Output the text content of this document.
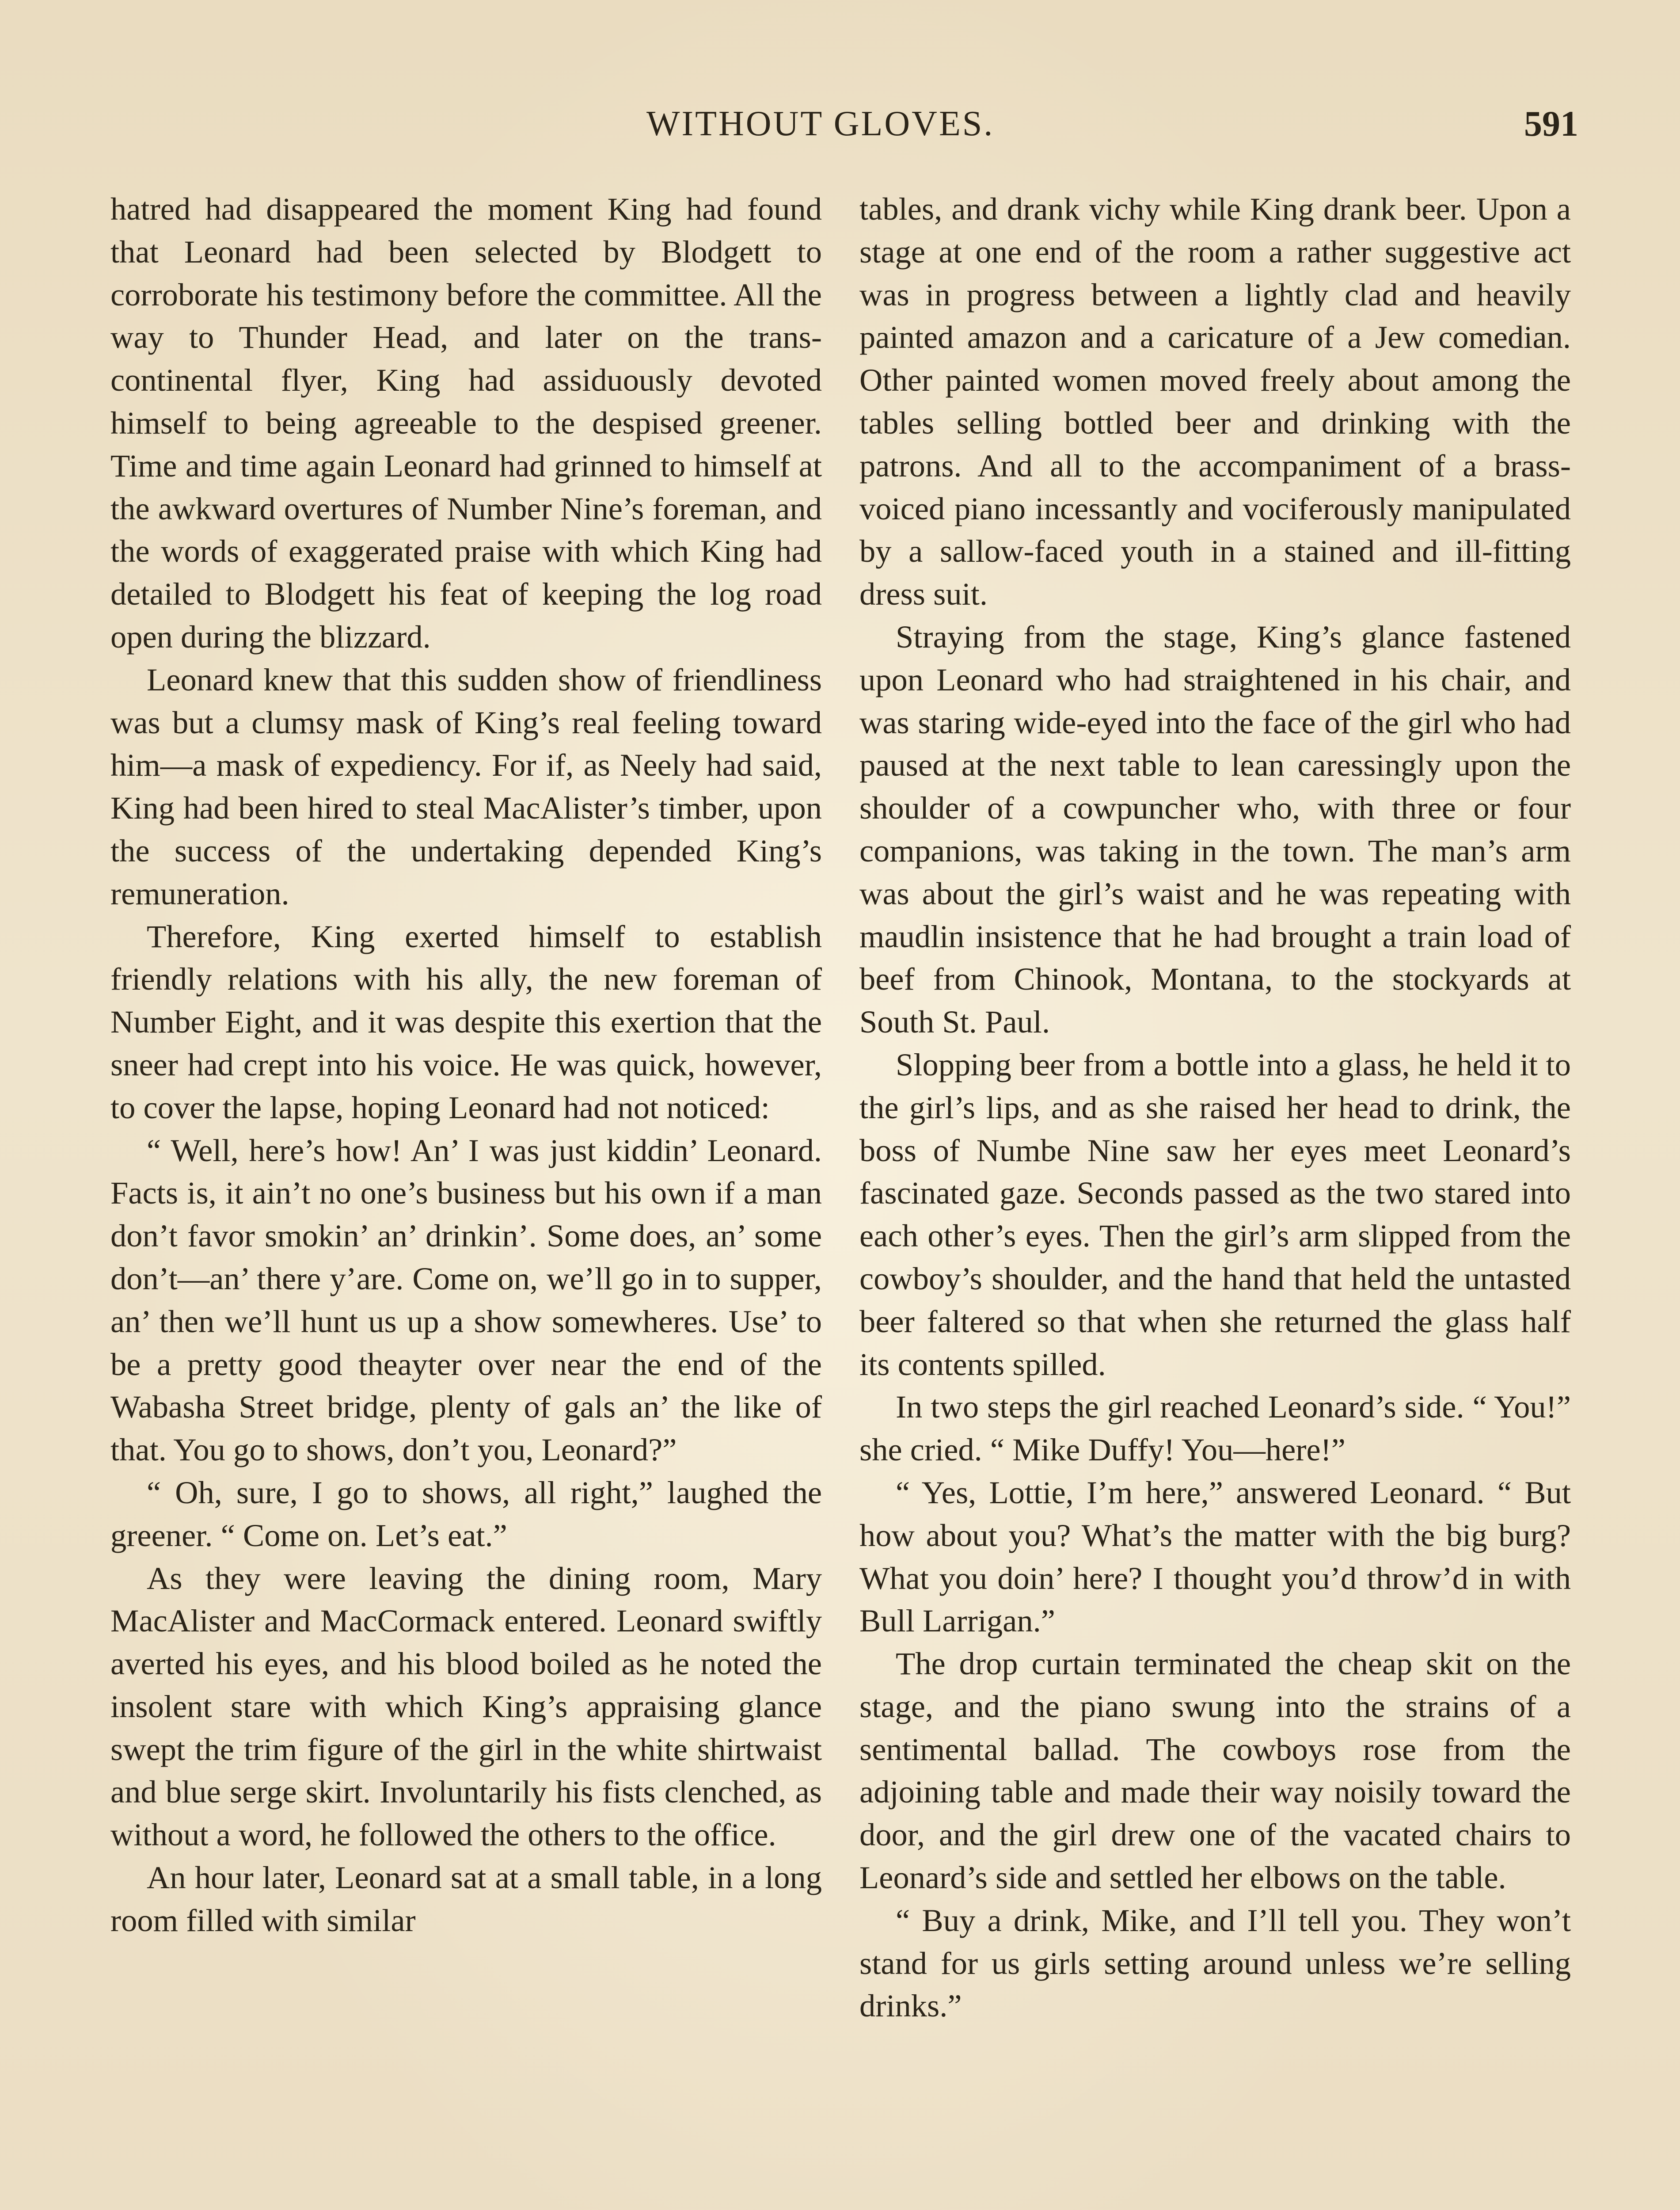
WITHOUT GLOVES.	591

hatred had disappeared the moment King had found that Leonard had been selected by Blodgett to corroborate his testimony before the committee. All the way to Thunder Head, and later on the trans-continental flyer, King had assiduously devoted himself to being agreeable to the despised greener. Time and time again Leonard had grinned to himself at the awkward overtures of Number Nine’s foreman, and the words of exaggerated praise with which King had detailed to Blodgett his feat of keeping the log road open during the blizzard.

Leonard knew that this sudden show of friendliness was but a clumsy mask of King’s real feeling toward him—a mask of expediency. For if, as Neely had said, King had been hired to steal MacAlister’s timber, upon the success of the undertaking depended King’s remuneration.

Therefore, King exerted himself to establish friendly relations with his ally, the new foreman of Number Eight, and it was despite this exertion that the sneer had crept into his voice. He was quick, however, to cover the lapse, hoping Leonard had not noticed:

“ Well, here’s how! An’ I was just kiddin’ Leonard. Facts is, it ain’t no one’s business but his own if a man don’t favor smokin’ an’ drinkin’. Some does, an’ some don’t—an’ there y’are. Come on, we’ll go in to supper, an’ then we’ll hunt us up a show somewheres. Use’ to be a pretty good theayter over near the end of the Wabasha Street bridge, plenty of gals an’ the like of that. You go to shows, don’t you, Leonard?”

“ Oh, sure, I go to shows, all right,” laughed the greener. “ Come on. Let’s eat.”

As they were leaving the dining room, Mary MacAlister and MacCormack entered. Leonard swiftly averted his eyes, and his blood boiled as he noted the insolent stare with which King’s appraising glance swept the trim figure of the girl in the white shirtwaist and blue serge skirt. Involuntarily his fists clenched, as without a word, he followed the others to the office.

An hour later, Leonard sat at a small table, in a long room filled with similar

tables, and drank vichy while King drank beer. Upon a stage at one end of the room a rather suggestive act was in progress between a lightly clad and heavily painted amazon and a caricature of a Jew comedian. Other painted women moved freely about among the tables selling bottled beer and drinking with the patrons. And all to the accompaniment of a brass-voiced piano incessantly and vociferously manipulated by a sallow-faced youth in a stained and ill-fitting dress suit.

Straying from the stage, King’s glance fastened upon Leonard who had straightened in his chair, and was staring wide-eyed into the face of the girl who had paused at the next table to lean caressingly upon the shoulder of a cowpuncher who, with three or four companions, was taking in the town. The man’s arm was about the girl’s waist and he was repeating with maudlin insistence that he had brought a train load of beef from Chinook, Montana, to the stockyards at South St. Paul.

Slopping beer from a bottle into a glass, he held it to the girl’s lips, and as she raised her head to drink, the boss of Numbe Nine saw her eyes meet Leonard’s fascinated gaze. Seconds passed as the two stared into each other’s eyes. Then the girl’s arm slipped from the cowboy’s shoulder, and the hand that held the untasted beer faltered so that when she returned the glass half its contents spilled.

In two steps the girl reached Leonard’s side. “ You!” she cried. “ Mike Duffy! You—here!”

“ Yes, Lottie, I’m here,” answered Leonard. “ But how about you? What’s the matter with the big burg? What you doin’ here? I thought you’d throw’d in with Bull Larrigan.”

The drop curtain terminated the cheap skit on the stage, and the piano swung into the strains of a sentimental ballad. The cowboys rose from the adjoining table and made their way noisily toward the door, and the girl drew one of the vacated chairs to Leonard’s side and settled her elbows on the table.

“ Buy a drink, Mike, and I’ll tell you. They won’t stand for us girls setting around unless we’re selling drinks.”
